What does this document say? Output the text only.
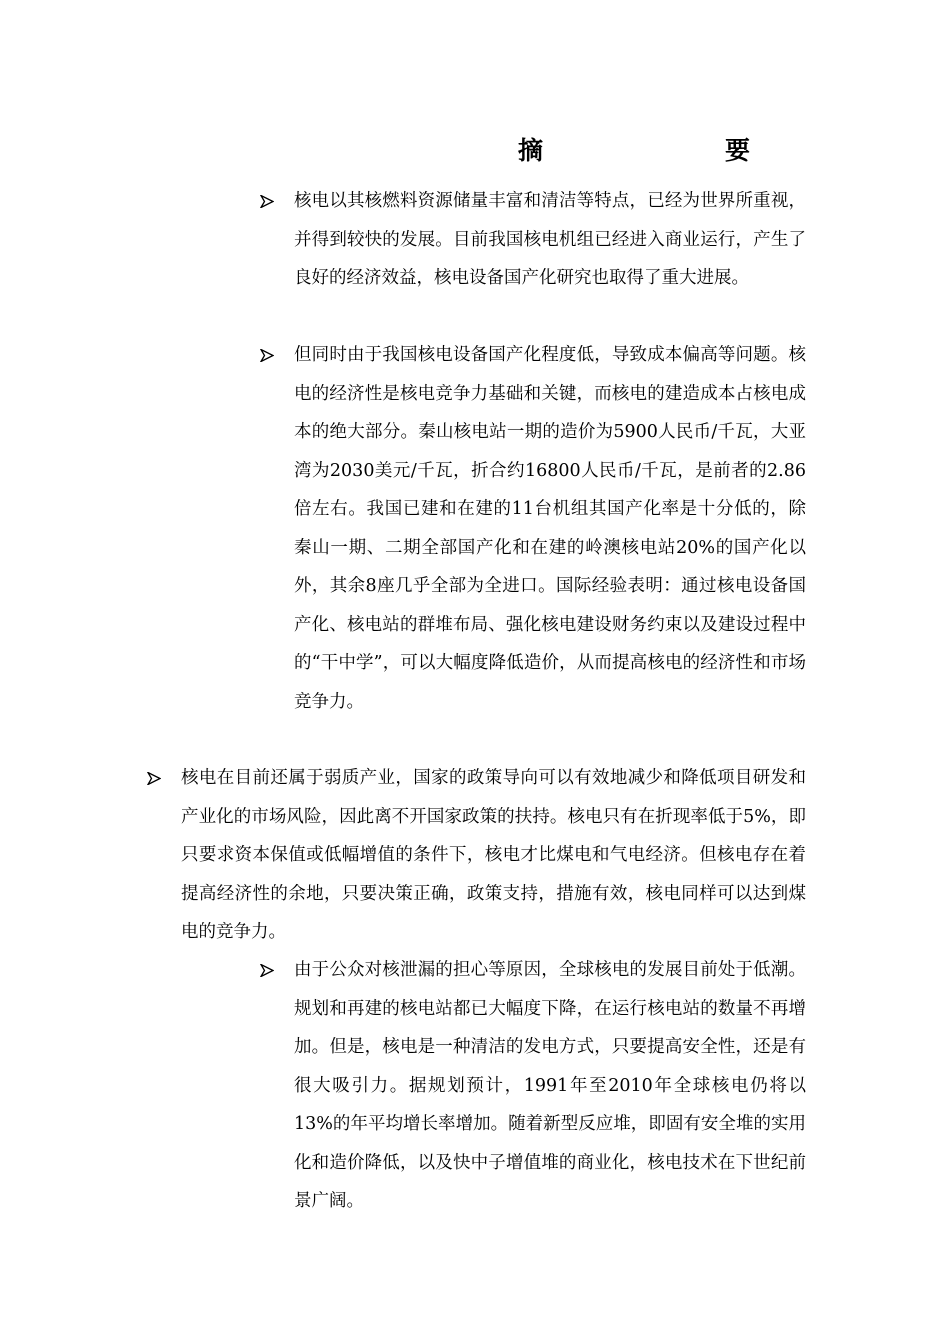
摘　　要
核电以其核燃料资源储量丰富和清洁等特点，已经为世界所重视，并得到较快的发展。目前我国核电机组已经进入商业运行，产生了良好的经济效益，核电设备国产化研究也取得了重大进展。
但同时由于我国核电设备国产化程度低，导致成本偏高等问题。核电的经济性是核电竞争力基础和关键，而核电的建造成本占核电成本的绝大部分。秦山核电站一期的造价为5900人民币/千瓦，大亚湾为2030美元/千瓦，折合约16800人民币/千瓦，是前者的2.86倍左右。我国已建和在建的11台机组其国产化率是十分低的，除秦山一期、二期全部国产化和在建的岭澳核电站20%的国产化以外，其余8座几乎全部为全进口。国际经验表明：通过核电设备国产化、核电站的群堆布局、强化核电建设财务约束以及建设过程中的“干中学”，可以大幅度降低造价，从而提高核电的经济性和市场竞争力。
核电在目前还属于弱质产业，国家的政策导向可以有效地减少和降低项目研发和产业化的市场风险，因此离不开国家政策的扶持。核电只有在折现率低于5%，即只要求资本保值或低幅增值的条件下，核电才比煤电和气电经济。但核电存在着提高经济性的余地，只要决策正确，政策支持，措施有效，核电同样可以达到煤电的竞争力。
由于公众对核泄漏的担心等原因，全球核电的发展目前处于低潮。规划和再建的核电站都已大幅度下降，在运行核电站的数量不再增加。但是，核电是一种清洁的发电方式，只要提高安全性，还是有很大吸引力。据规划预计，1991年至2010年全球核电仍将以13%的年平均增长率增加。随着新型反应堆，即固有安全堆的实用化和造价降低，以及快中子增值堆的商业化，核电技术在下世纪前景广阔。
